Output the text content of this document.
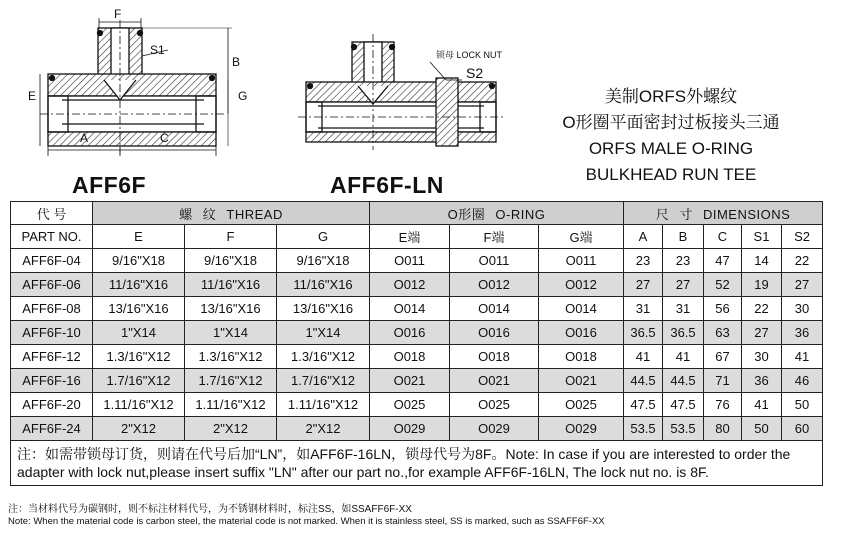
F
S1
B
E	G
A	C
锁母 LOCK NUT
S2
AFF6F	AFF6F-LN
美制ORFS外螺纹
O形圈平面密封过板接头三通
ORFS MALE O-RING
BULKHEAD RUN TEE
代 号	螺 纹 THREAD			O形圈 O-RING			尺 寸 DIMENSIONS				
PART NO.	E	F	G	E端	F端	G端	A	B	C	S1	S2
AFF6F-04	9/16"X18	9/16"X18	9/16"X18	O011	O011	O011	23	23	47	14	22
AFF6F-06	11/16"X16	11/16"X16	11/16"X16	O012	O012	O012	27	27	52	19	27
AFF6F-08	13/16"X16	13/16"X16	13/16"X16	O014	O014	O014	31	31	56	22	30
AFF6F-10	1"X14	1"X14	1"X14	O016	O016	O016	36.5	36.5	63	27	36
AFF6F-12	1.3/16"X12	1.3/16"X12	1.3/16"X12	O018	O018	O018	41	41	67	30	41
AFF6F-16	1.7/16"X12	1.7/16"X12	1.7/16"X12	O021	O021	O021	44.5	44.5	71	36	46
AFF6F-20	1.11/16"X12	1.11/16"X12	1.11/16"X12	O025	O025	O025	47.5	47.5	76	41	50
AFF6F-24	2"X12	2"X12	2"X12	O029	O029	O029	53.5	53.5	80	50	60
注：如需带锁母订货，则请在代号后加“LN”，如AFF6F-16LN，锁母代号为8F。Note: In case if you are interested to order the adapter with lock nut,please insert suffix "LN" after our part no.,for example AFF6F-16LN, The lock nut no. is 8F.											
注：当材料代号为碳钢时，则不标注材料代号，为不锈钢材料时，标注SS，如SSAFF6F-XX
Note: When the material code is carbon steel, the material code is not marked. When it is stainless steel, SS is marked, such as SSAFF6F-XX
